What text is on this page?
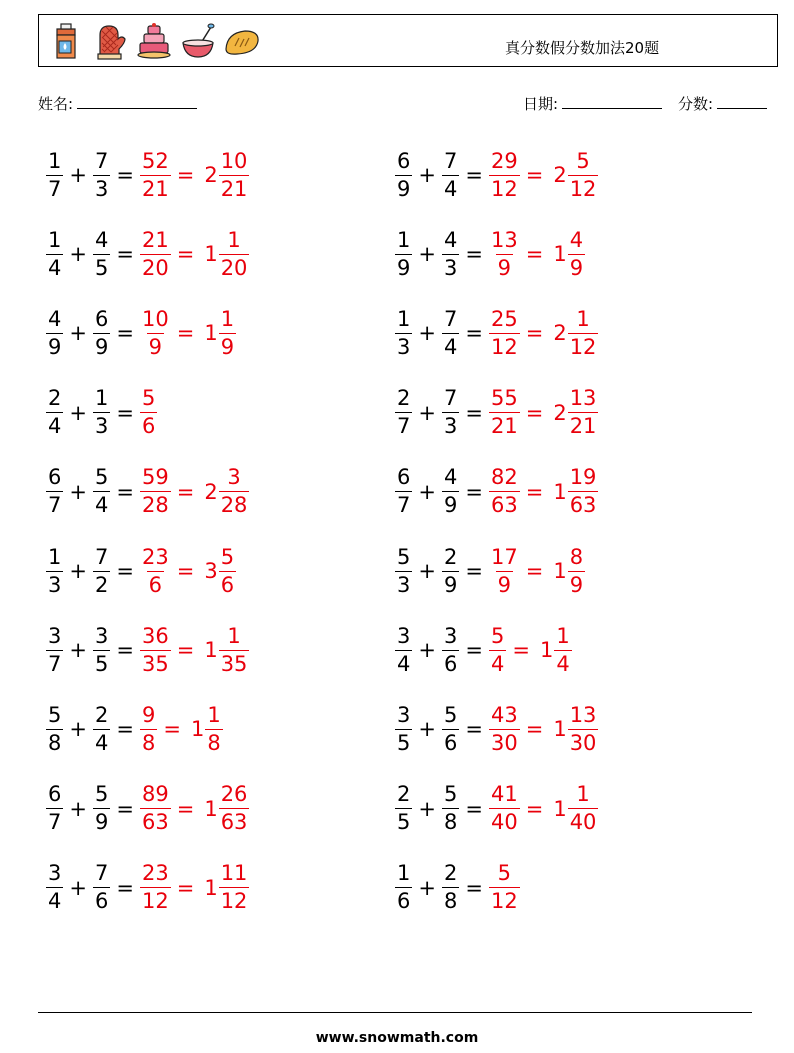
真分数假分数加法20题
姓名:	日期:	分数:
$\frac{1}{7} + \frac{7}{3} = \frac{52}{21} = 2 \frac{10}{21}$	$\frac{6}{9} + \frac{7}{4} = \frac{29}{12} = 2 \frac{5}{12}$
$\frac{1}{4} + \frac{4}{5} = \frac{21}{20} = 1 \frac{1}{20}$	$\frac{1}{9} + \frac{4}{3} = \frac{13}{9} = 1 \frac{4}{9}$
$\frac{4}{9} + \frac{6}{9} = \frac{10}{9} = 1 \frac{1}{9}$	$\frac{1}{3} + \frac{7}{4} = \frac{25}{12} = 2 \frac{1}{12}$
$\frac{2}{4} + \frac{1}{3} = \frac{5}{6}$	$\frac{2}{7} + \frac{7}{3} = \frac{55}{21} = 2 \frac{13}{21}$
$\frac{6}{7} + \frac{5}{4} = \frac{59}{28} = 2 \frac{3}{28}$	$\frac{6}{7} + \frac{4}{9} = \frac{82}{63} = 1 \frac{19}{63}$
$\frac{1}{3} + \frac{7}{2} = \frac{23}{6} = 3 \frac{5}{6}$	$\frac{5}{3} + \frac{2}{9} = \frac{17}{9} = 1 \frac{8}{9}$
$\frac{3}{7} + \frac{3}{5} = \frac{36}{35} = 1 \frac{1}{35}$	$\frac{3}{4} + \frac{3}{6} = \frac{5}{4} = 1 \frac{1}{4}$
$\frac{5}{8} + \frac{2}{4} = \frac{9}{8} = 1 \frac{1}{8}$	$\frac{3}{5} + \frac{5}{6} = \frac{43}{30} = 1 \frac{13}{30}$
$\frac{6}{7} + \frac{5}{9} = \frac{89}{63} = 1 \frac{26}{63}$	$\frac{2}{5} + \frac{5}{8} = \frac{41}{40} = 1 \frac{1}{40}$
$\frac{3}{4} + \frac{7}{6} = \frac{23}{12} = 1 \frac{11}{12}$	$\frac{1}{6} + \frac{2}{8} = \frac{5}{12}$
www.snowmath.com
